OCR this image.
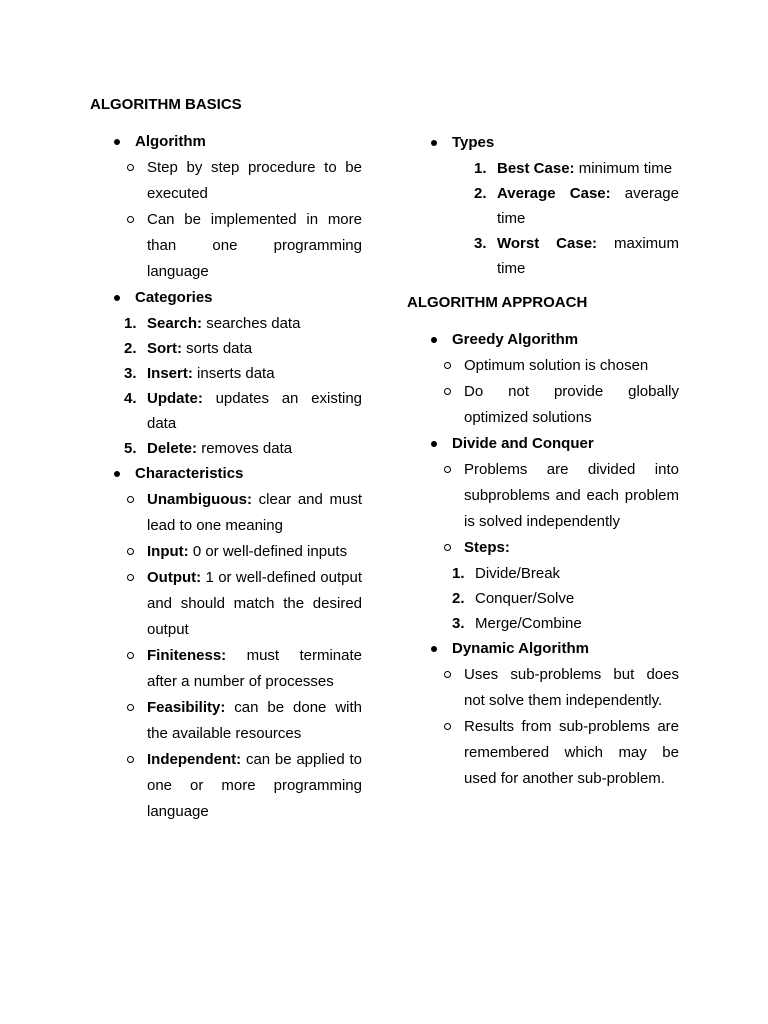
ALGORITHM BASICS
Algorithm
Step by step procedure to be executed
Can be implemented in more than one programming language
Categories
1. Search: searches data
2. Sort: sorts data
3. Insert: inserts data
4. Update: updates an existing data
5. Delete: removes data
Characteristics
Unambiguous: clear and must lead to one meaning
Input: 0 or well-defined inputs
Output: 1 or well-defined output and should match the desired output
Finiteness: must terminate after a number of processes
Feasibility: can be done with the available resources
Independent: can be applied to one or more programming language
Types
1. Best Case: minimum time
2. Average Case: average time
3. Worst Case: maximum time
ALGORITHM APPROACH
Greedy Algorithm
Optimum solution is chosen
Do not provide globally optimized solutions
Divide and Conquer
Problems are divided into subproblems and each problem is solved independently
Steps:
1. Divide/Break
2. Conquer/Solve
3. Merge/Combine
Dynamic Algorithm
Uses sub-problems but does not solve them independently.
Results from sub-problems are remembered which may be used for another sub-problem.
